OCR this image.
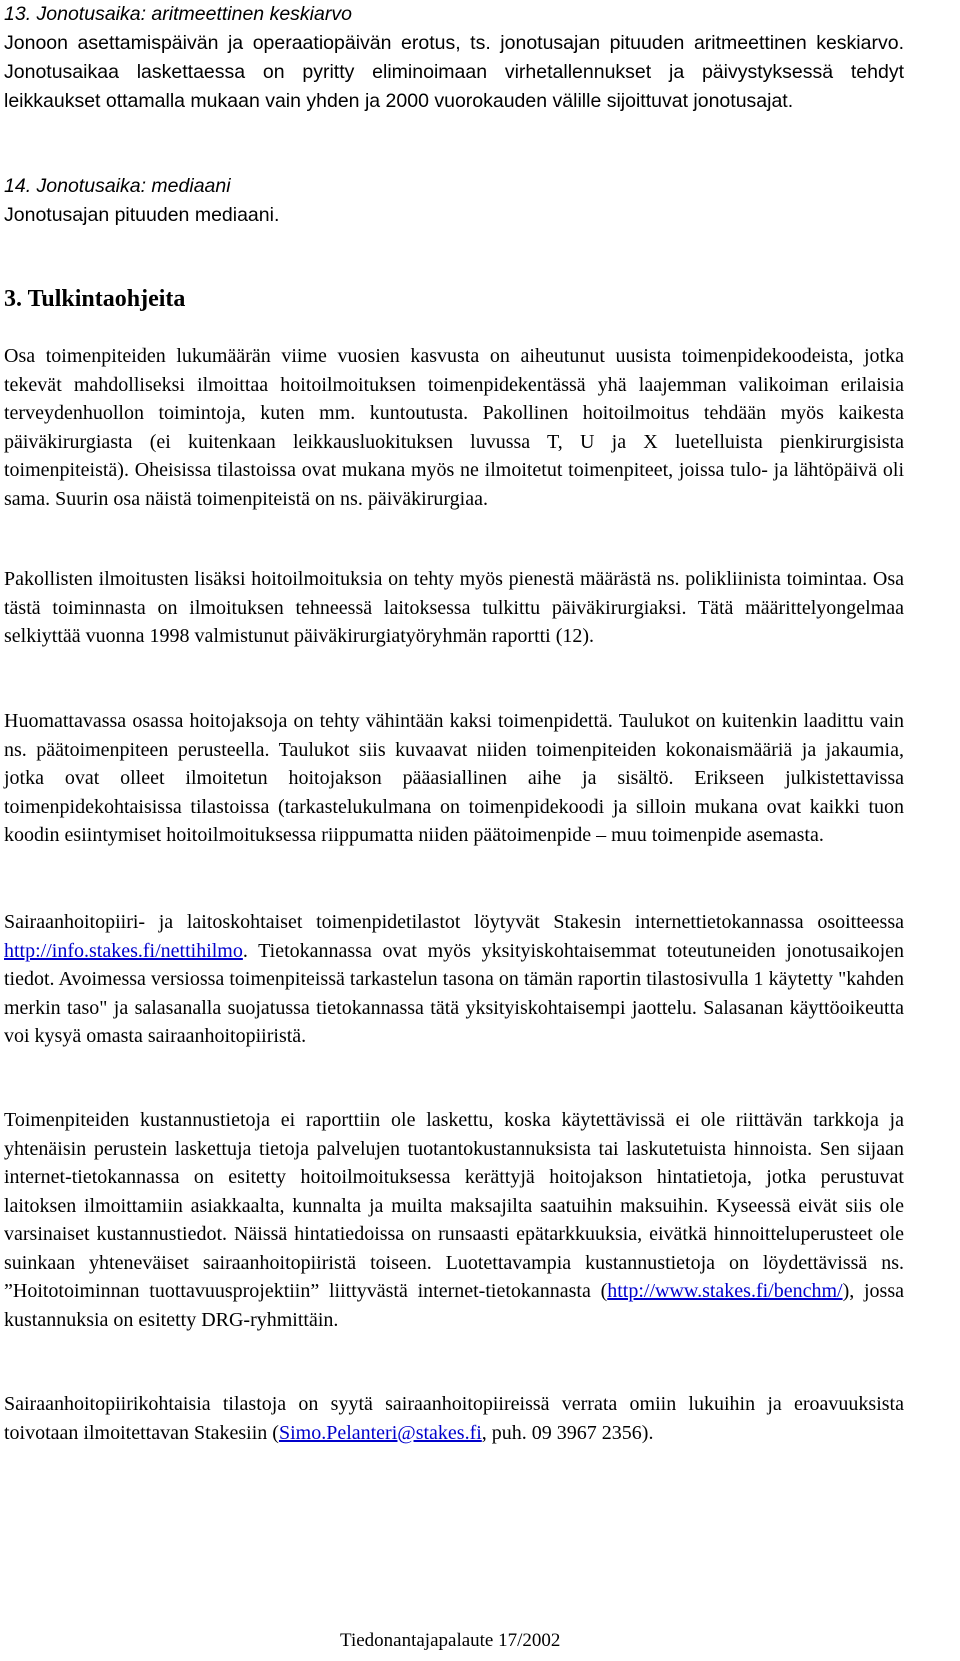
13. Jonotusaika: aritmeettinen keskiarvo

Jonoon asettamispäivän ja operaatiopäivän erotus, ts. jonotusajan pituuden aritmeettinen keskiarvo. Jonotusaikaa laskettaessa on pyritty eliminoimaan virhetallennukset ja päivystyksessä tehdyt leikkaukset ottamalla mukaan vain yhden ja 2000 vuorokauden välille sijoittuvat jonotusajat.

14. Jonotusaika: mediaani

Jonotusajan pituuden mediaani.

3. Tulkintaohjeita

Osa toimenpiteiden lukumäärän viime vuosien kasvusta on aiheutunut uusista toimenpidekoodeista, jotka tekevät mahdolliseksi ilmoittaa hoitoilmoituksen toimenpidekentässä yhä laajemman valikoiman erilaisia terveydenhuollon toimintoja, kuten mm. kuntoutusta. Pakollinen hoitoilmoitus tehdään myös kaikesta päiväkirurgiasta (ei kuitenkaan leikkausluokituksen luvussa T, U ja X luetelluista pienkirurgisista toimenpiteistä). Oheisissa tilastoissa ovat mukana myös ne ilmoitetut toimenpiteet, joissa tulo- ja lähtöpäivä oli sama. Suurin osa näistä toimenpiteistä on ns. päiväkirurgiaa.

Pakollisten ilmoitusten lisäksi hoitoilmoituksia on tehty myös pienestä määrästä ns. polikliinista toimintaa. Osa tästä toiminnasta on ilmoituksen tehneessä laitoksessa tulkittu päiväkirurgiaksi. Tätä määrittelyongelmaa selkiyttää vuonna 1998 valmistunut päiväkirurgiatyöryhmän raportti (12).

Huomattavassa osassa hoitojaksoja on tehty vähintään kaksi toimenpidettä. Taulukot on kuitenkin laadittu vain ns. päätoimenpiteen perusteella. Taulukot siis kuvaavat niiden toimenpiteiden kokonaismääriä ja jakaumia, jotka ovat olleet ilmoitetun hoitojakson pääasiallinen aihe ja sisältö. Erikseen julkistettavissa toimenpidekohtaisissa tilastoissa (tarkastelukulmana on toimenpidekoodi ja silloin mukana ovat kaikki tuon koodin esiintymiset hoitoilmoituksessa riippumatta niiden päätoimenpide – muu toimenpide asemasta.

Sairaanhoitopiiri- ja laitoskohtaiset toimenpidetilastot löytyvät Stakesin internettietokannassa osoitteessa http://info.stakes.fi/nettihilmo. Tietokannassa ovat myös yksityiskohtaisemmat toteutuneiden jonotusaikojen tiedot. Avoimessa versiossa toimenpiteissä tarkastelun tasona on tämän raportin tilastosivulla 1 käytetty "kahden merkin taso" ja salasanalla suojatussa tietokannassa tätä yksityiskohtaisempi jaottelu. Salasanan käyttöoikeutta voi kysyä omasta sairaanhoitopiiristä.

Toimenpiteiden kustannustietoja ei raporttiin ole laskettu, koska käytettävissä ei ole riittävän tarkkoja ja yhtenäisin perustein laskettuja tietoja palvelujen tuotantokustannuksista tai laskutetuista hinnoista. Sen sijaan internet-tietokannassa on esitetty hoitoilmoituksessa kerättyjä hoitojakson hintatietoja, jotka perustuvat laitoksen ilmoittamiin asiakkaalta, kunnalta ja muilta maksajilta saatuihin maksuihin. Kyseessä eivät siis ole varsinaiset kustannustiedot. Näissä hintatiedoissa on runsaasti epätarkkuuksia, eivätkä hinnoitteluperusteet ole suinkaan yhteneväiset sairaanhoitopiiristä toiseen. Luotettavampia kustannustietoja on löydettävissä ns. ”Hoitotoiminnan tuottavuusprojektiin” liittyvästä internet-tietokannasta (http://www.stakes.fi/benchm/), jossa kustannuksia on esitetty DRG-ryhmittäin.

Sairaanhoitopiirikohtaisia tilastoja on syytä sairaanhoitopiireissä verrata omiin lukuihin ja eroavuuksista toivotaan ilmoitettavan Stakesiin (Simo.Pelanteri@stakes.fi, puh. 09 3967 2356).

Tiedonantajapalaute 17/2002
